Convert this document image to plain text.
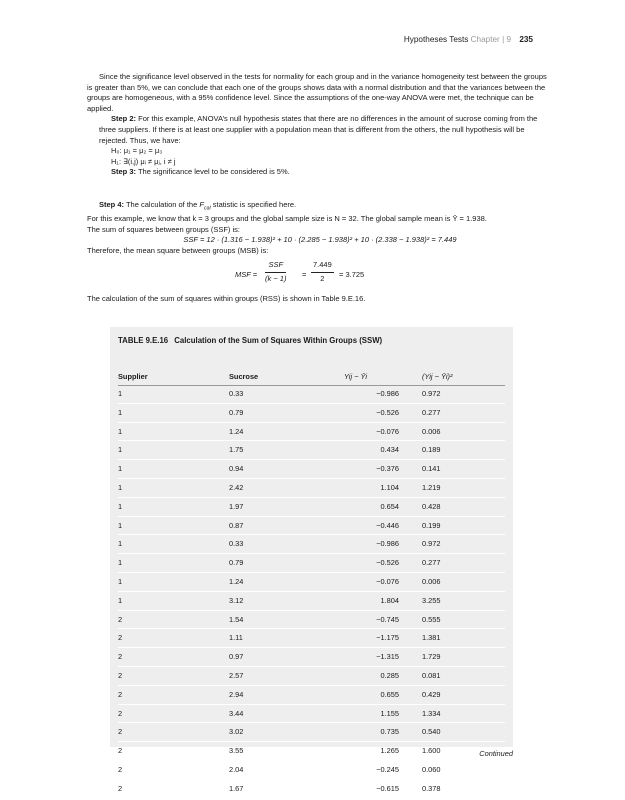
Hypotheses Tests Chapter | 9 235

Since the significance level observed in the tests for normality for each group and in the variance homogeneity test between the groups is greater than 5%, we can conclude that each one of the groups shows data with a normal distribution and that the variances between the groups are homogeneous, with a 95% confidence level. Since the assumptions of the one-way ANOVA were met, the technique can be applied.

Step 2: For this example, ANOVA’s null hypothesis states that there are no differences in the amount of sucrose coming from the three suppliers. If there is at least one supplier with a population mean that is different from the others, the null hypothesis will be rejected. Thus, we have:

H₀: μ₁ = μ₂ = μ₃

H₁: ∃(i,j) μᵢ ≠ μⱼ, i ≠ j

Step 3: The significance level to be considered is 5%.

Step 4: The calculation of the $F_{cal}$ statistic is specified here.

For this example, we know that k = 3 groups and the global sample size is N = 32. The global sample mean is Ȳ = 1.938.

The sum of squares between groups (SSF) is:

SSF = 12 · (1.316 − 1.938)² + 10 · (2.285 − 1.938)² + 10 · (2.338 − 1.938)² = 7.449

Therefore, the mean square between groups (MSB) is:

MSF =
SSF
$(k - 1) = \frac{7.449}{2} = 3.725$

The calculation of the sum of squares within groups (RSS) is shown in Table 9.E.16.

TABLE 9.E.16 Calculation of the Sum of Squares Within Groups (SSW)
Supplier	Sucrose	Yij − Ȳi	(Yij − Ȳi)²
1	0.33	−0.986	0.972
1	0.79	−0.526	0.277
1	1.24	−0.076	0.006
1	1.75	0.434	0.189
1	0.94	−0.376	0.141
1	2.42	1.104	1.219
1	1.97	0.654	0.428
1	0.87	−0.446	0.199
1	0.33	−0.986	0.972
1	0.79	−0.526	0.277
1	1.24	−0.076	0.006
1	3.12	1.804	3.255
2	1.54	−0.745	0.555
2	1.11	−1.175	1.381
2	0.97	−1.315	1.729
2	2.57	0.285	0.081
2	2.94	0.655	0.429
2	3.44	1.155	1.334
2	3.02	0.735	0.540
2	3.55	1.265	1.600
2	2.04	−0.245	0.060
2	1.67	−0.615	0.378
Continued
